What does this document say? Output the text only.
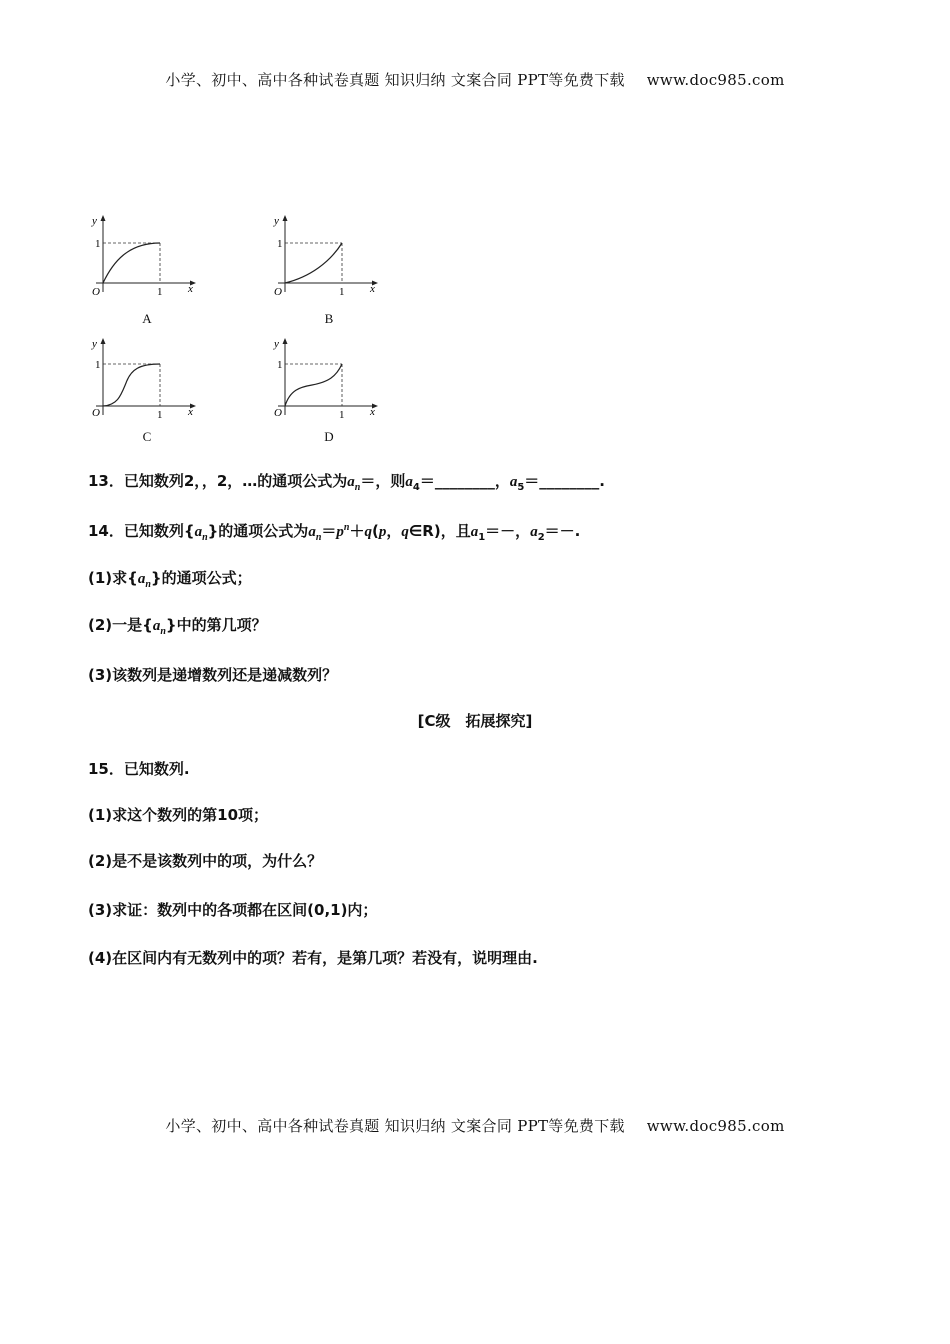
小学、初中、高中各种试卷真题 知识归纳 文案合同 PPT等免费下载 www.doc985.com
y
1
O	1 x
A
y
1
O	1 x
B
y
1
O	1 x
C
y
1
O	1 x
D
13．已知数列2，，2，…的通项公式为$a_n=$，则$a_4=\_\_\_\_\_\_\_\_$，$a_5=\_\_\_\_\_\_\_\_$.
14．已知数列$\{a_n\}$的通项公式为$a_n=p^n+q(p$，q∈R)，且$a_1=-$，$a_2=-$.
(1)求$\{a_n\}$的通项公式；
(2)一是$\{a_n\}$中的第几项？
(3)该数列是递增数列还是递减数列？
[C级　拓展探究]
15．已知数列.
(1)求这个数列的第10项；
(2)是不是该数列中的项，为什么？
(3)求证：数列中的各项都在区间(0,1)内；
(4)在区间内有无数列中的项？若有，是第几项？若没有，说明理由.
小学、初中、高中各种试卷真题 知识归纳 文案合同 PPT等免费下载 www.doc985.com
